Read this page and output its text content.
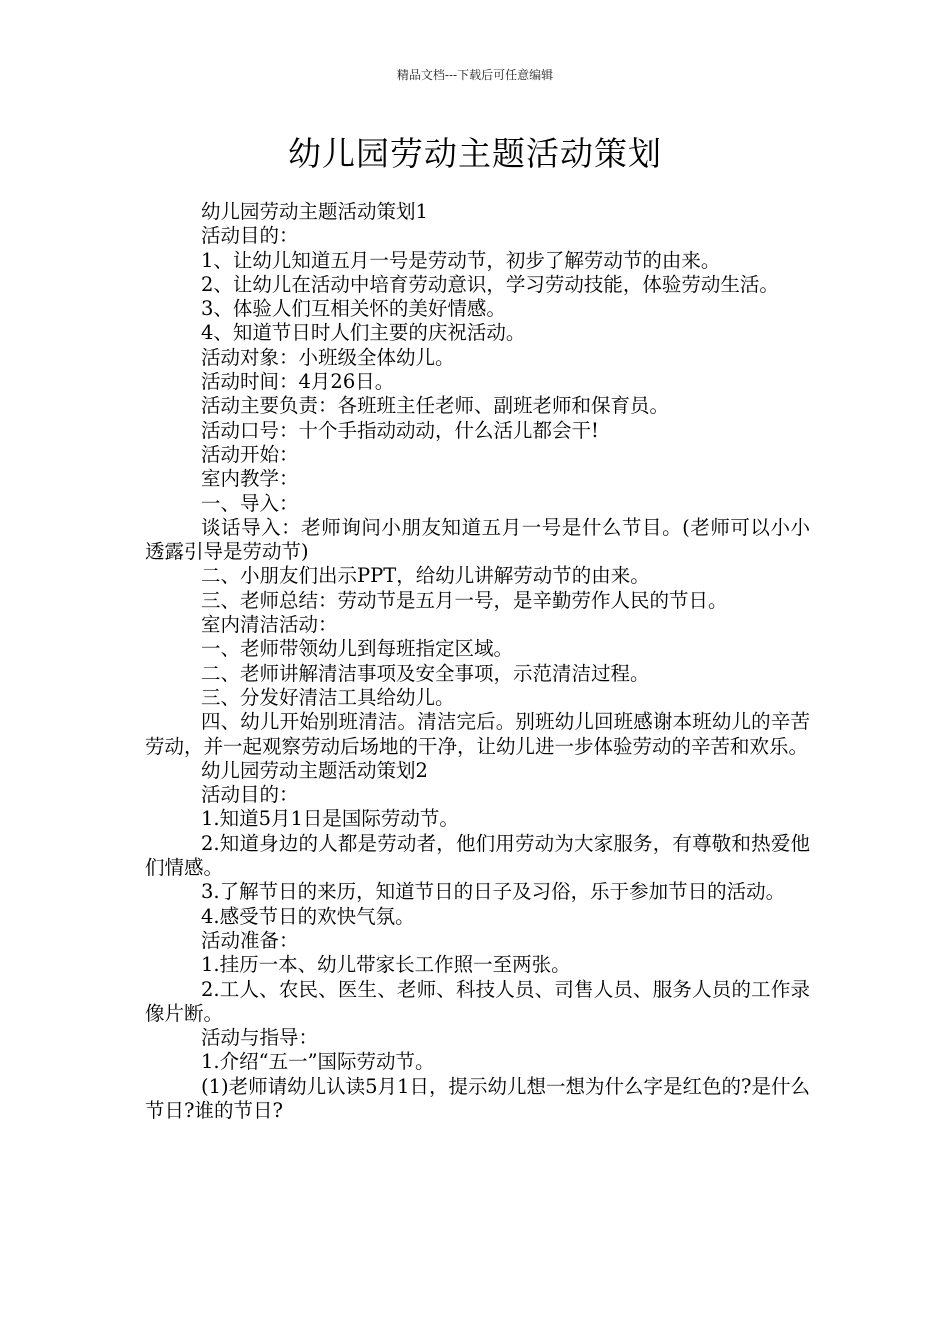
精品文档---下载后可任意编辑
幼儿园劳动主题活动策划

幼儿园劳动主题活动策划1

活动目的：

1、让幼儿知道五月一号是劳动节，初步了解劳动节的由来。

2、让幼儿在活动中培育劳动意识，学习劳动技能，体验劳动生活。

3、体验人们互相关怀的美好情感。

4、知道节日时人们主要的庆祝活动。

活动对象：小班级全体幼儿。

活动时间：4月26日。

活动主要负责：各班班主任老师、副班老师和保育员。

活动口号：十个手指动动动，什么活儿都会干!

活动开始：

室内教学：

一、导入：

谈话导入：老师询问小朋友知道五月一号是什么节目。(老师可以小小透露引导是劳动节)

二、小朋友们出示PPT，给幼儿讲解劳动节的由来。

三、老师总结：劳动节是五月一号，是辛勤劳作人民的节日。

室内清洁活动：

一、老师带领幼儿到每班指定区域。

二、老师讲解清洁事项及安全事项，示范清洁过程。

三、分发好清洁工具给幼儿。

四、幼儿开始别班清洁。清洁完后。别班幼儿回班感谢本班幼儿的辛苦劳动，并一起观察劳动后场地的干净，让幼儿进一步体验劳动的辛苦和欢乐。

幼儿园劳动主题活动策划2

活动目的：

1.知道5月1日是国际劳动节。

2.知道身边的人都是劳动者，他们用劳动为大家服务，有尊敬和热爱他们情感。

3.了解节日的来历，知道节日的日子及习俗，乐于参加节日的活动。

4.感受节日的欢快气氛。

活动准备：

1.挂历一本、幼儿带家长工作照一至两张。

2.工人、农民、医生、老师、科技人员、司售人员、服务人员的工作录像片断。

活动与指导：

1.介绍“五一”国际劳动节。

(1)老师请幼儿认读5月1日，提示幼儿想一想为什么字是红色的?是什么节日?谁的节日?
